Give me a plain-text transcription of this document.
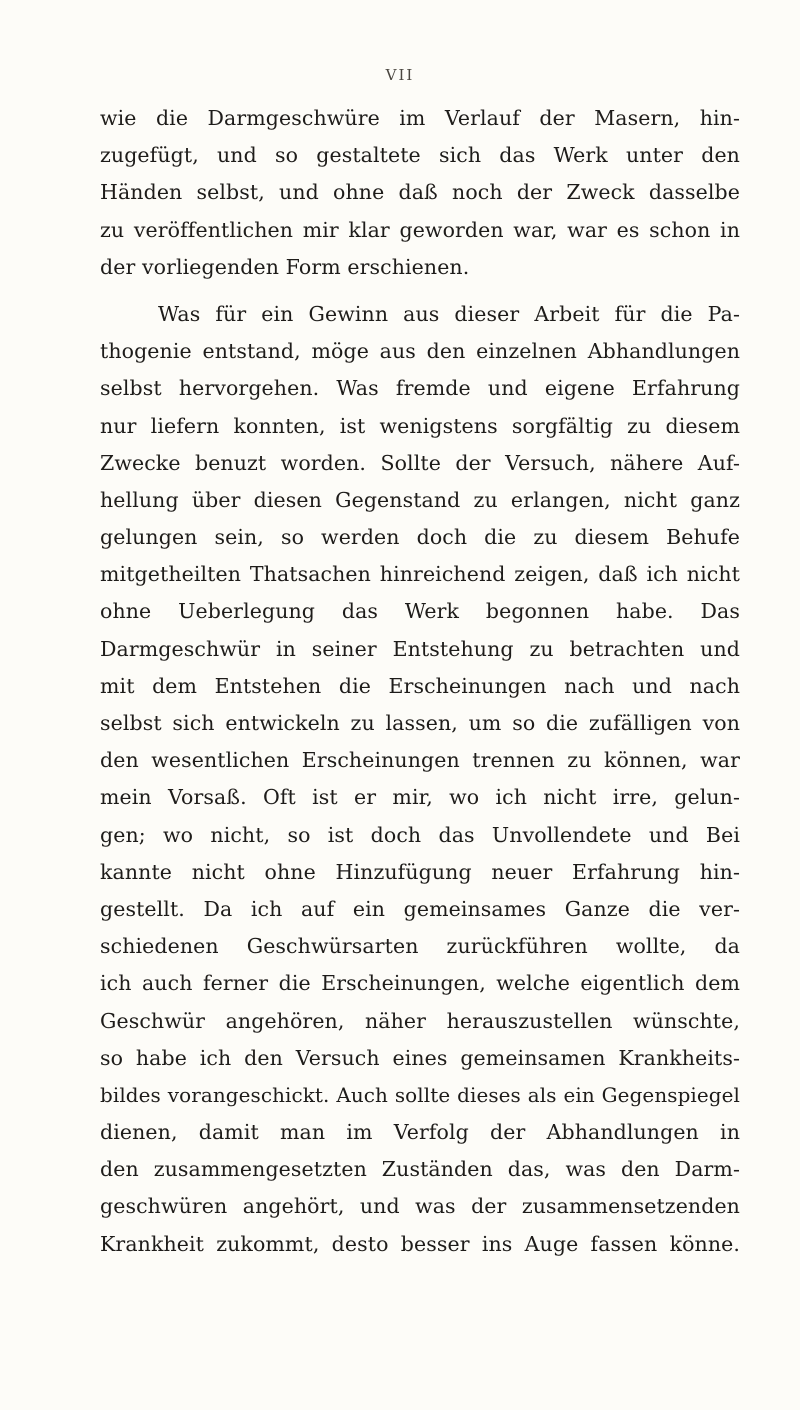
VII
wie die Darmgeschwüre im Verlauf der Masern, hin-
zugefügt, und so gestaltete sich das Werk unter den
Händen selbst, und ohne daß noch der Zweck dasselbe
zu veröffentlichen mir klar geworden war, war es schon in
der vorliegenden Form erschienen.
Was für ein Gewinn aus dieser Arbeit für die Pa-
thogenie entstand, möge aus den einzelnen Abhandlungen
selbst hervorgehen. Was fremde und eigene Erfahrung
nur liefern konnten, ist wenigstens sorgfältig zu diesem
Zwecke benuzt worden. Sollte der Versuch, nähere Auf-
hellung über diesen Gegenstand zu erlangen, nicht ganz
gelungen sein, so werden doch die zu diesem Behufe
mitgetheilten Thatsachen hinreichend zeigen, daß ich nicht
ohne Ueberlegung das Werk begonnen habe. Das
Darmgeschwür in seiner Entstehung zu betrachten und
mit dem Entstehen die Erscheinungen nach und nach
selbst sich entwickeln zu lassen, um so die zufälligen von
den wesentlichen Erscheinungen trennen zu können, war
mein Vorsaß. Oft ist er mir, wo ich nicht irre, gelun-
gen; wo nicht, so ist doch das Unvollendete und Bei
kannte nicht ohne Hinzufügung neuer Erfahrung hin-
gestellt. Da ich auf ein gemeinsames Ganze die ver-
schiedenen Geschwürsarten zurückführen wollte, da
ich auch ferner die Erscheinungen, welche eigentlich dem
Geschwür angehören, näher herauszustellen wünschte,
so habe ich den Versuch eines gemeinsamen Krankheits-
bildes vorangeschickt. Auch sollte dieses als ein Gegenspiegel
dienen, damit man im Verfolg der Abhandlungen in
den zusammengesetzten Zuständen das, was den Darm-
geschwüren angehört, und was der zusammensetzenden
Krankheit zukommt, desto besser ins Auge fassen könne.
